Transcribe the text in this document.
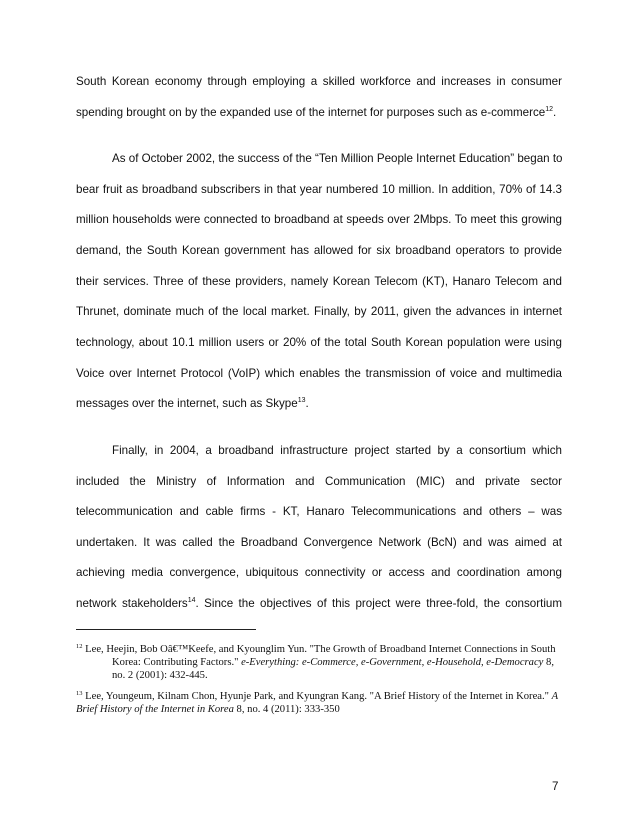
South Korean economy through employing a skilled workforce and increases in consumer
spending brought on by the expanded use of the internet for purposes such as e-commerce$^{12}$.
As of October 2002, the success of the “Ten Million People Internet Education” began to
bear fruit as broadband subscribers in that year numbered 10 million. In addition, 70% of 14.3
million households were connected to broadband at speeds over 2Mbps. To meet this growing
demand, the South Korean government has allowed for six broadband operators to provide
their services. Three of these providers, namely Korean Telecom (KT), Hanaro Telecom and
Thrunet, dominate much of the local market. Finally, by 2011, given the advances in internet
technology, about 10.1 million users or 20% of the total South Korean population were using
Voice over Internet Protocol (VoIP) which enables the transmission of voice and multimedia
messages over the internet, such as Skype$^{13}$.
Finally, in 2004, a broadband infrastructure project started by a consortium which
included the Ministry of Information and Communication (MIC) and private sector
telecommunication and cable firms - KT, Hanaro Telecommunications and others – was
undertaken. It was called the Broadband Convergence Network (BcN) and was aimed at
achieving media convergence, ubiquitous connectivity or access and coordination among
network stakeholders$^{14}$. Since the objectives of this project were three-fold, the consortium
$^{12}$ Lee, Heejin, Bob Oâ€™Keefe, and Kyounglim Yun. "The Growth of Broadband Internet Connections in South
Korea: Contributing Factors." e-Everything: e-Commerce, e-Government, e-Household, e-Democracy 8,
no. 2 (2001): 432-445.
$^{13}$ Lee, Youngeum, Kilnam Chon, Hyunje Park, and Kyungran Kang. "A Brief History of the Internet in Korea." A
Brief History of the Internet in Korea 8, no. 4 (2011): 333-350
7
